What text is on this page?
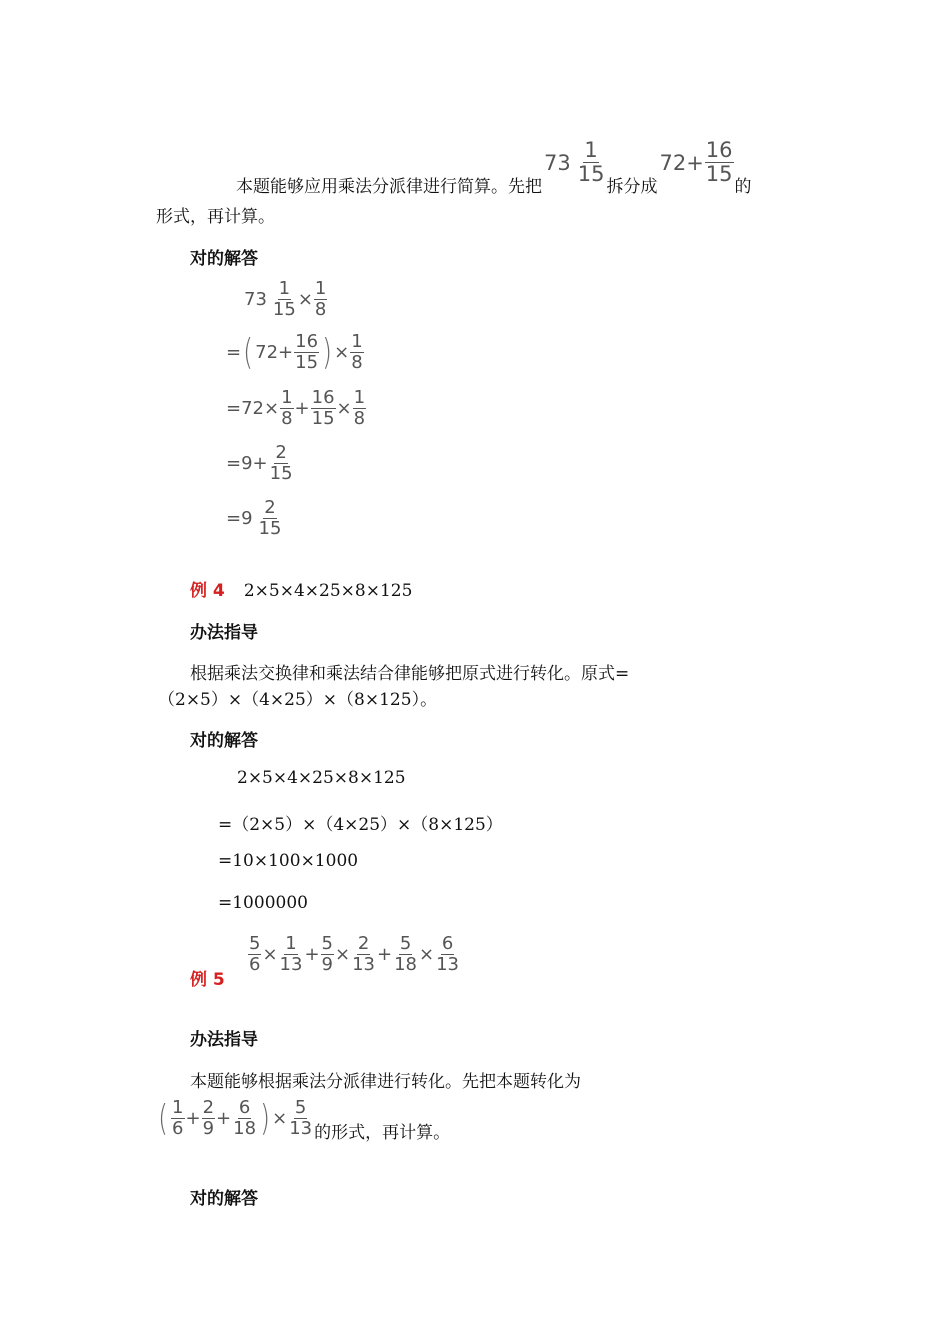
本题能够应用乘法分派律进行简算。先把
$73 \frac{1}{15}$
拆分成
$72+ \frac{16}{15}$
的
形式，再计算。
对的解答
$73 \frac{1}{15} \times \frac{1}{8}$
= ( $72+ \frac{16}{15}$ ) × $\frac{1}{8}$
$=72\times \frac{1}{8} + \frac{16}{15} \times \frac{1}{8}$
$=9+ \frac{2}{15}$
$=9 \frac{2}{15}$
例 4 2×5×4×25×8×125
办法指导
根据乘法交换律和乘法结合律能够把原式进行转化。原式=
（2×5）×（4×25）×（8×125）。
对的解答
2×5×4×25×8×125
=（2×5）×（4×25）×（8×125）
=10×100×1000
=1000000
例 5
$\frac{5}{6} \times \frac{1}{13} + \frac{5}{9} \times \frac{2}{13} + \frac{5}{18} \times \frac{6}{13}$
办法指导
本题能够根据乘法分派律进行转化。先把本题转化为
( $\frac{1}{6} + \frac{2}{9} + \frac{6}{18}$ ) × $\frac{5}{13}$ 的形式，再计算。
对的解答
